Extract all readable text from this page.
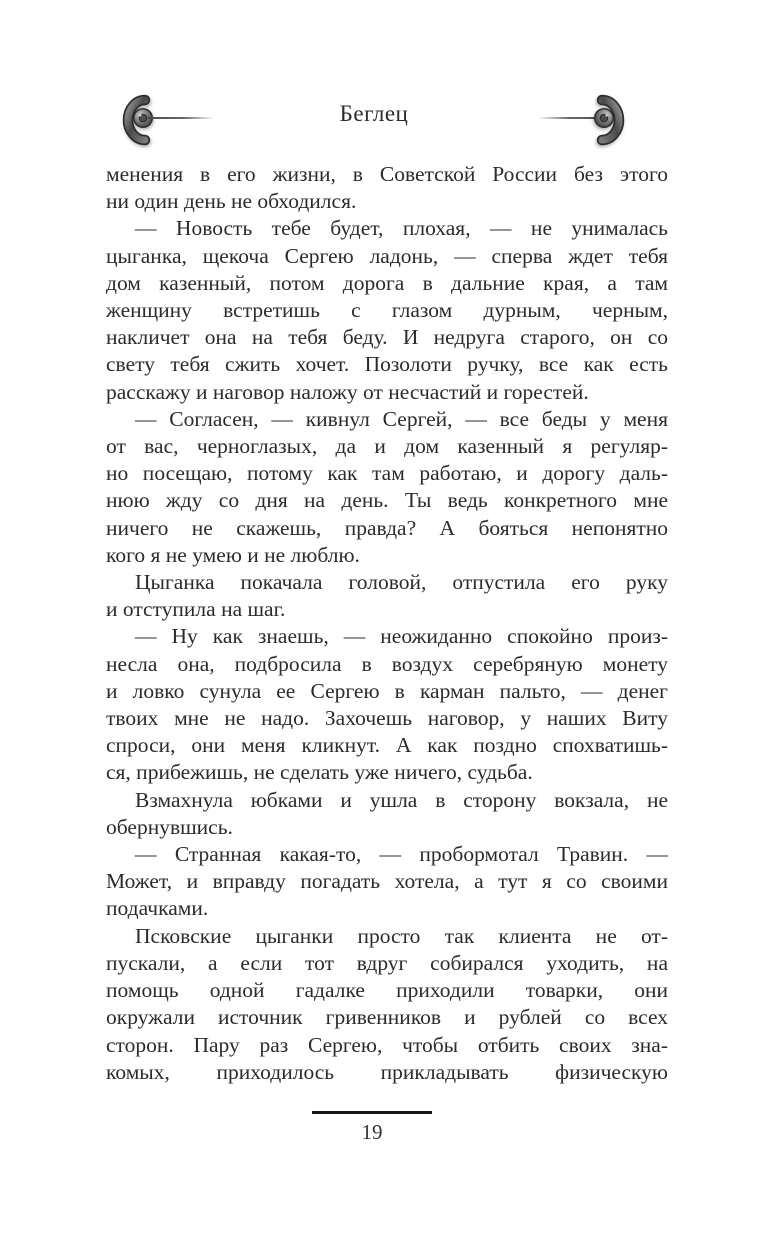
Беглец
менения в его жизни, в Советской России без этого
ни один день не обходился.
— Новость тебе будет, плохая, — не унималась
цыганка, щекоча Сергею ладонь, — сперва ждет тебя
дом казенный, потом дорога в дальние края, а там
женщину встретишь с глазом дурным, черным,
накличет она на тебя беду. И недруга старого, он со
свету тебя сжить хочет. Позолоти ручку, все как есть
расскажу и наговор наложу от несчастий и горестей.
— Согласен, — кивнул Сергей, — все беды у меня
от вас, черноглазых, да и дом казенный я регуляр-
но посещаю, потому как там работаю, и дорогу даль-
нюю жду со дня на день. Ты ведь конкретного мне
ничего не скажешь, правда? А бояться непонятно
кого я не умею и не люблю.
Цыганка покачала головой, отпустила его руку
и отступила на шаг.
— Ну как знаешь, — неожиданно спокойно произ-
несла она, подбросила в воздух серебряную монету
и ловко сунула ее Сергею в карман пальто, — денег
твоих мне не надо. Захочешь наговор, у наших Виту
спроси, они меня кликнут. А как поздно спохватишь-
ся, прибежишь, не сделать уже ничего, судьба.
Взмахнула юбками и ушла в сторону вокзала, не
обернувшись.
— Странная какая-то, — пробормотал Травин. —
Может, и вправду погадать хотела, а тут я со своими
подачками.
Псковские цыганки просто так клиента не от-
пускали, а если тот вдруг собирался уходить, на
помощь одной гадалке приходили товарки, они
окружали источник гривенников и рублей со всех
сторон. Пару раз Сергею, чтобы отбить своих зна-
комых, приходилось прикладывать физическую
19
